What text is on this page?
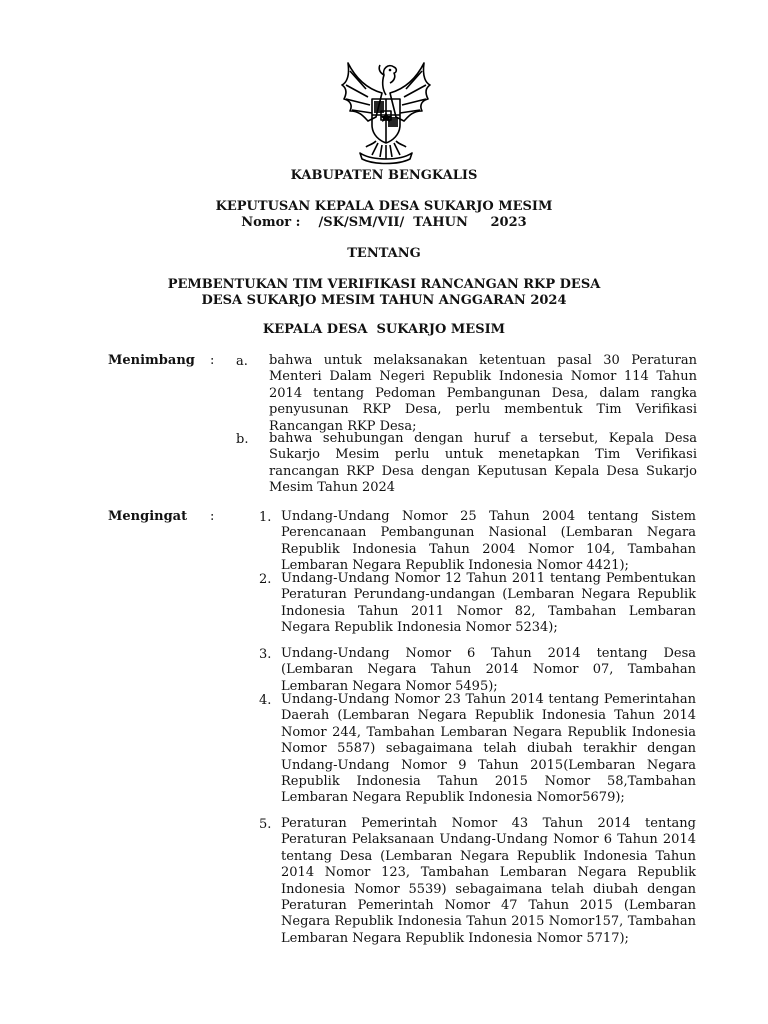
KABUPATEN BENGKALIS
KEPUTUSAN KEPALA DESA SUKARJO MESIM
Nomor :    /SK/SM/VII/  TAHUN     2023
TENTANG
PEMBENTUKAN TIM VERIFIKASI RANCANGAN RKP DESA
DESA SUKARJO MESIM TAHUN ANGGARAN 2024
KEPALA DESA  SUKARJO MESIM
Menimbang : a. bahwa untuk melaksanakan ketentuan pasal 30 Peraturan Menteri Dalam Negeri Republik Indonesia Nomor 114 Tahun 2014 tentang Pedoman Pembangunan Desa, dalam rangka penyusunan RKP Desa, perlu membentuk Tim Verifikasi Rancangan RKP Desa;
b. bahwa sehubungan dengan huruf a tersebut, Kepala Desa Sukarjo Mesim perlu untuk menetapkan Tim Verifikasi rancangan RKP Desa dengan Keputusan Kepala Desa Sukarjo Mesim Tahun 2024
Mengingat :	1. Undang-Undang Nomor 25 Tahun 2004 tentang Sistem Perencanaan Pembangunan Nasional (Lembaran Negara Republik Indonesia Tahun 2004 Nomor 104, Tambahan Lembaran Negara Republik Indonesia Nomor 4421);
2. Undang-Undang Nomor 12 Tahun 2011 tentang Pembentukan Peraturan Perundang-undangan (Lembaran Negara Republik Indonesia Tahun 2011 Nomor 82, Tambahan Lembaran Negara Republik Indonesia Nomor 5234);
3. Undang-Undang Nomor 6 Tahun 2014 tentang Desa (Lembaran Negara Tahun 2014 Nomor 07, Tambahan Lembaran Negara Nomor 5495);
4. Undang-Undang Nomor 23 Tahun 2014 tentang Pemerintahan Daerah (Lembaran Negara Republik Indonesia Tahun 2014 Nomor 244, Tambahan Lembaran Negara Republik Indonesia Nomor 5587) sebagaimana telah diubah terakhir dengan Undang-Undang Nomor 9 Tahun 2015(Lembaran Negara Republik Indonesia Tahun 2015 Nomor 58,Tambahan Lembaran Negara Republik Indonesia Nomor5679);
5. Peraturan Pemerintah Nomor 43 Tahun 2014 tentang Peraturan Pelaksanaan Undang-Undang Nomor 6 Tahun 2014 tentang Desa (Lembaran Negara Republik Indonesia Tahun 2014 Nomor 123, Tambahan Lembaran Negara Republik Indonesia Nomor 5539) sebagaimana telah diubah dengan Peraturan Pemerintah Nomor 47 Tahun 2015 (Lembaran Negara Republik Indonesia Tahun 2015 Nomor157, Tambahan Lembaran Negara Republik Indonesia Nomor 5717);
